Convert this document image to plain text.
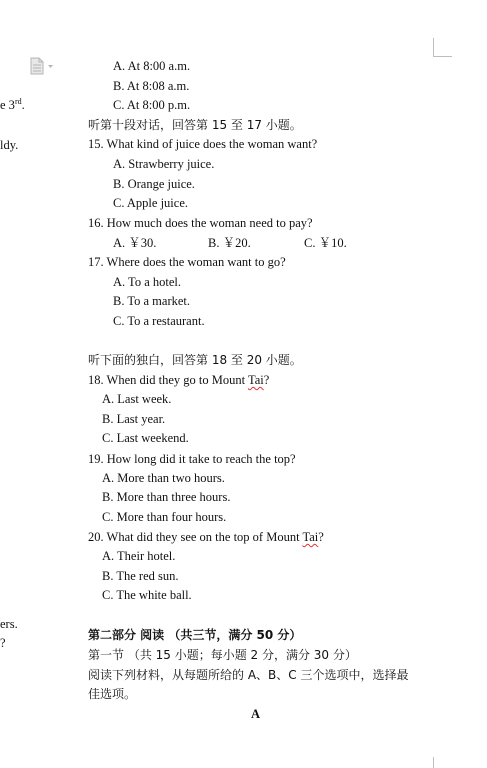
e 3rd.
ldy.
ers.
?
A. At 8:00 a.m.
B. At 8:08 a.m.
C. At 8:00 p.m.
听第十段对话，回答第 15 至 17 小题。
15. What kind of juice does the woman want?
A. Strawberry juice.
B. Orange juice.
C. Apple juice.
16. How much does the woman need to pay?
A. ￥30.	B. ￥20.	C. ￥10.
17. Where does the woman want to go?
A. To a hotel.
B. To a market.
C. To a restaurant.
听下面的独白，回答第 18 至 20 小题。
18. When did they go to Mount Tai?
A. Last week.
B. Last year.
C. Last weekend.
19. How long did it take to reach the top?
A. More than two hours.
B. More than three hours.
C. More than four hours.
20. What did they see on the top of Mount Tai?
A. Their hotel.
B. The red sun.
C. The white ball.
第二部分 阅读 （共三节，满分 50 分）
第一节 （共 15 小题；每小题 2 分，满分 30 分）
阅读下列材料，从每题所给的 A、B、C 三个选项中，选择最
佳选项。
A
